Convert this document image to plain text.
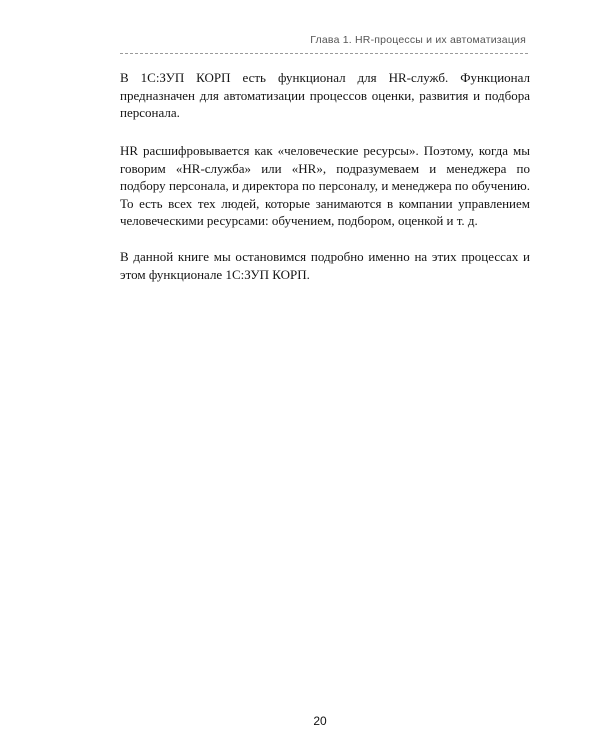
Глава 1. HR-процессы и их автоматизация

В 1С:ЗУП КОРП есть функционал для HR-служб. Функционал предназначен для автоматизации процессов оценки, развития и подбора персонала.

HR расшифровывается как «человеческие ресурсы». Поэтому, когда мы говорим «HR-служба» или «HR», подразумеваем и менеджера по подбору персонала, и директора по персоналу, и менеджера по обучению. То есть всех тех людей, которые занимаются в компании управлением человеческими ресурсами: обучением, подбором, оценкой и т. д.

В данной книге мы остановимся подробно именно на этих процессах и этом функционале 1С:ЗУП КОРП.

20
